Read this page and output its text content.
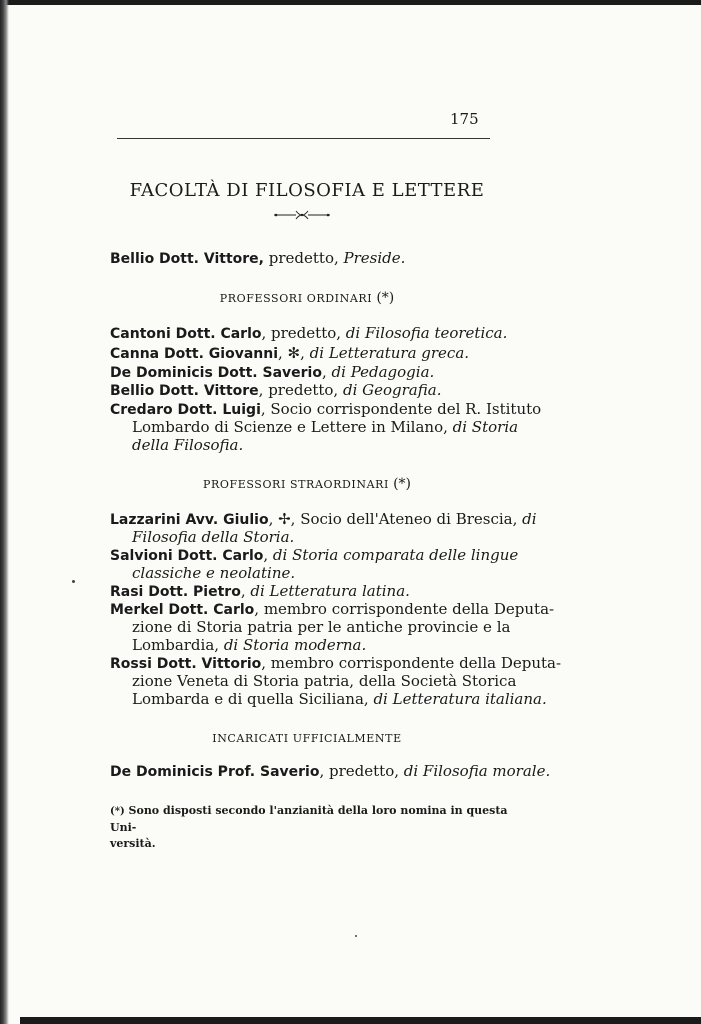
175
FACOLTÀ DI FILOSOFIA E LETTERE
Bellio Dott. Vittore, predetto, Preside.
PROFESSORI ORDINARI (*)
Cantoni Dott. Carlo, predetto, di Filosofia teoretica.
Canna Dott. Giovanni, ✻, di Letteratura greca.
De Dominicis Dott. Saverio, di Pedagogia.
Bellio Dott. Vittore, predetto, di Geografia.
Credaro Dott. Luigi, Socio corrispondente del R. Istituto
Lombardo di Scienze e Lettere in Milano, di Storia
della Filosofia.
PROFESSORI STRAORDINARI (*)
Lazzarini Avv. Giulio, ✢, Socio dell'Ateneo di Brescia, di
Filosofia della Storia.
Salvioni Dott. Carlo, di Storia comparata delle lingue
classiche e neolatine.
Rasi Dott. Pietro, di Letteratura latina.
Merkel Dott. Carlo, membro corrispondente della Deputa-
zione di Storia patria per le antiche provincie e la
Lombardia, di Storia moderna.
Rossi Dott. Vittorio, membro corrispondente della Deputa-
zione Veneta di Storia patria, della Società Storica
Lombarda e di quella Siciliana, di Letteratura italiana.
INCARICATI UFFICIALMENTE
De Dominicis Prof. Saverio, predetto, di Filosofia morale.
(*) Sono disposti secondo l'anzianità della loro nomina in questa Uni-
versità.
